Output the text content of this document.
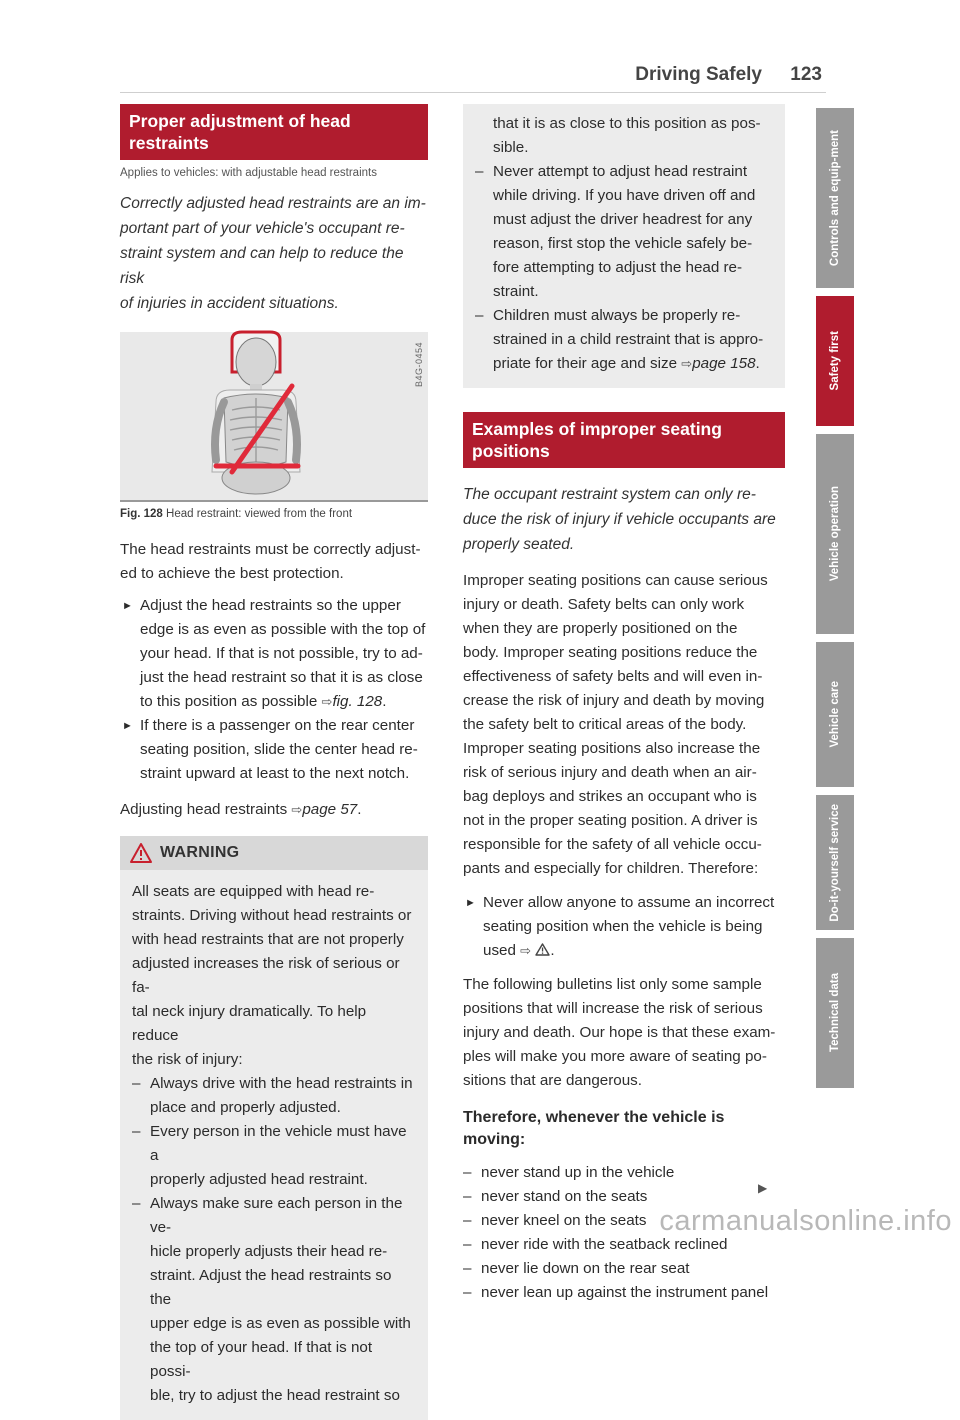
Driving Safely 123
Proper adjustment of head restraints
Applies to vehicles: with adjustable head restraints
Correctly adjusted head restraints are an im-
portant part of your vehicle's occupant re-
straint system and can help to reduce the risk
of injuries in accident situations.
B4G-0454
Fig. 128 Head restraint: viewed from the front

The head restraints must be correctly adjust-
ed to achieve the best protection.

► Adjust the head restraints so the upper
edge is as even as possible with the top of
your head. If that is not possible, try to ad-
just the head restraint so that it is as close
to this position as possible ⇨fig. 128.
► If there is a passenger on the rear center
seating position, slide the center head re-
straint upward at least to the next notch.

Adjusting head restraints ⇨page 57.

WARNING

All seats are equipped with head re-
straints. Driving without head restraints or
with head restraints that are not properly
adjusted increases the risk of serious or fa-
tal neck injury dramatically. To help reduce
the risk of injury:

– Always drive with the head restraints in
place and properly adjusted.
– Every person in the vehicle must have a
properly adjusted head restraint.
– Always make sure each person in the ve-
hicle properly adjusts their head re-
straint. Adjust the head restraints so the
upper edge is as even as possible with
the top of your head. If that is not possi-
ble, try to adjust the head restraint so

that it is as close to this position as pos-
sible.

– Never attempt to adjust head restraint
while driving. If you have driven off and
must adjust the driver headrest for any
reason, first stop the vehicle safely be-
fore attempting to adjust the head re-
straint.
– Children must always be properly re-
strained in a child restraint that is appro-
priate for their age and size ⇨page 158.
Examples of improper seating positions
The occupant restraint system can only re-
duce the risk of injury if vehicle occupants are
properly seated.

Improper seating positions can cause serious
injury or death. Safety belts can only work
when they are properly positioned on the
body. Improper seating positions reduce the
effectiveness of safety belts and will even in-
crease the risk of injury and death by moving
the safety belt to critical areas of the body.
Improper seating positions also increase the
risk of serious injury and death when an air-
bag deploys and strikes an occupant who is
not in the proper seating position. A driver is
responsible for the safety of all vehicle occu-
pants and especially for children. Therefore:

► Never allow anyone to assume an incorrect
seating position when the vehicle is being
used ⇨ .

The following bulletins list only some sample
positions that will increase the risk of serious
injury and death. Our hope is that these exam-
ples will make you more aware of seating po-
sitions that are dangerous.

Therefore, whenever the vehicle is
moving:
– never stand up in the vehicle
– never stand on the seats
– never kneel on the seats
– never ride with the seatback reclined
– never lie down on the rear seat
– never lean up against the instrument panel
▶
Controls and equip-ment
Safety first
Vehicle operation
Vehicle care
Do-it-yourself service
Technical data
carmanualsonline.info
